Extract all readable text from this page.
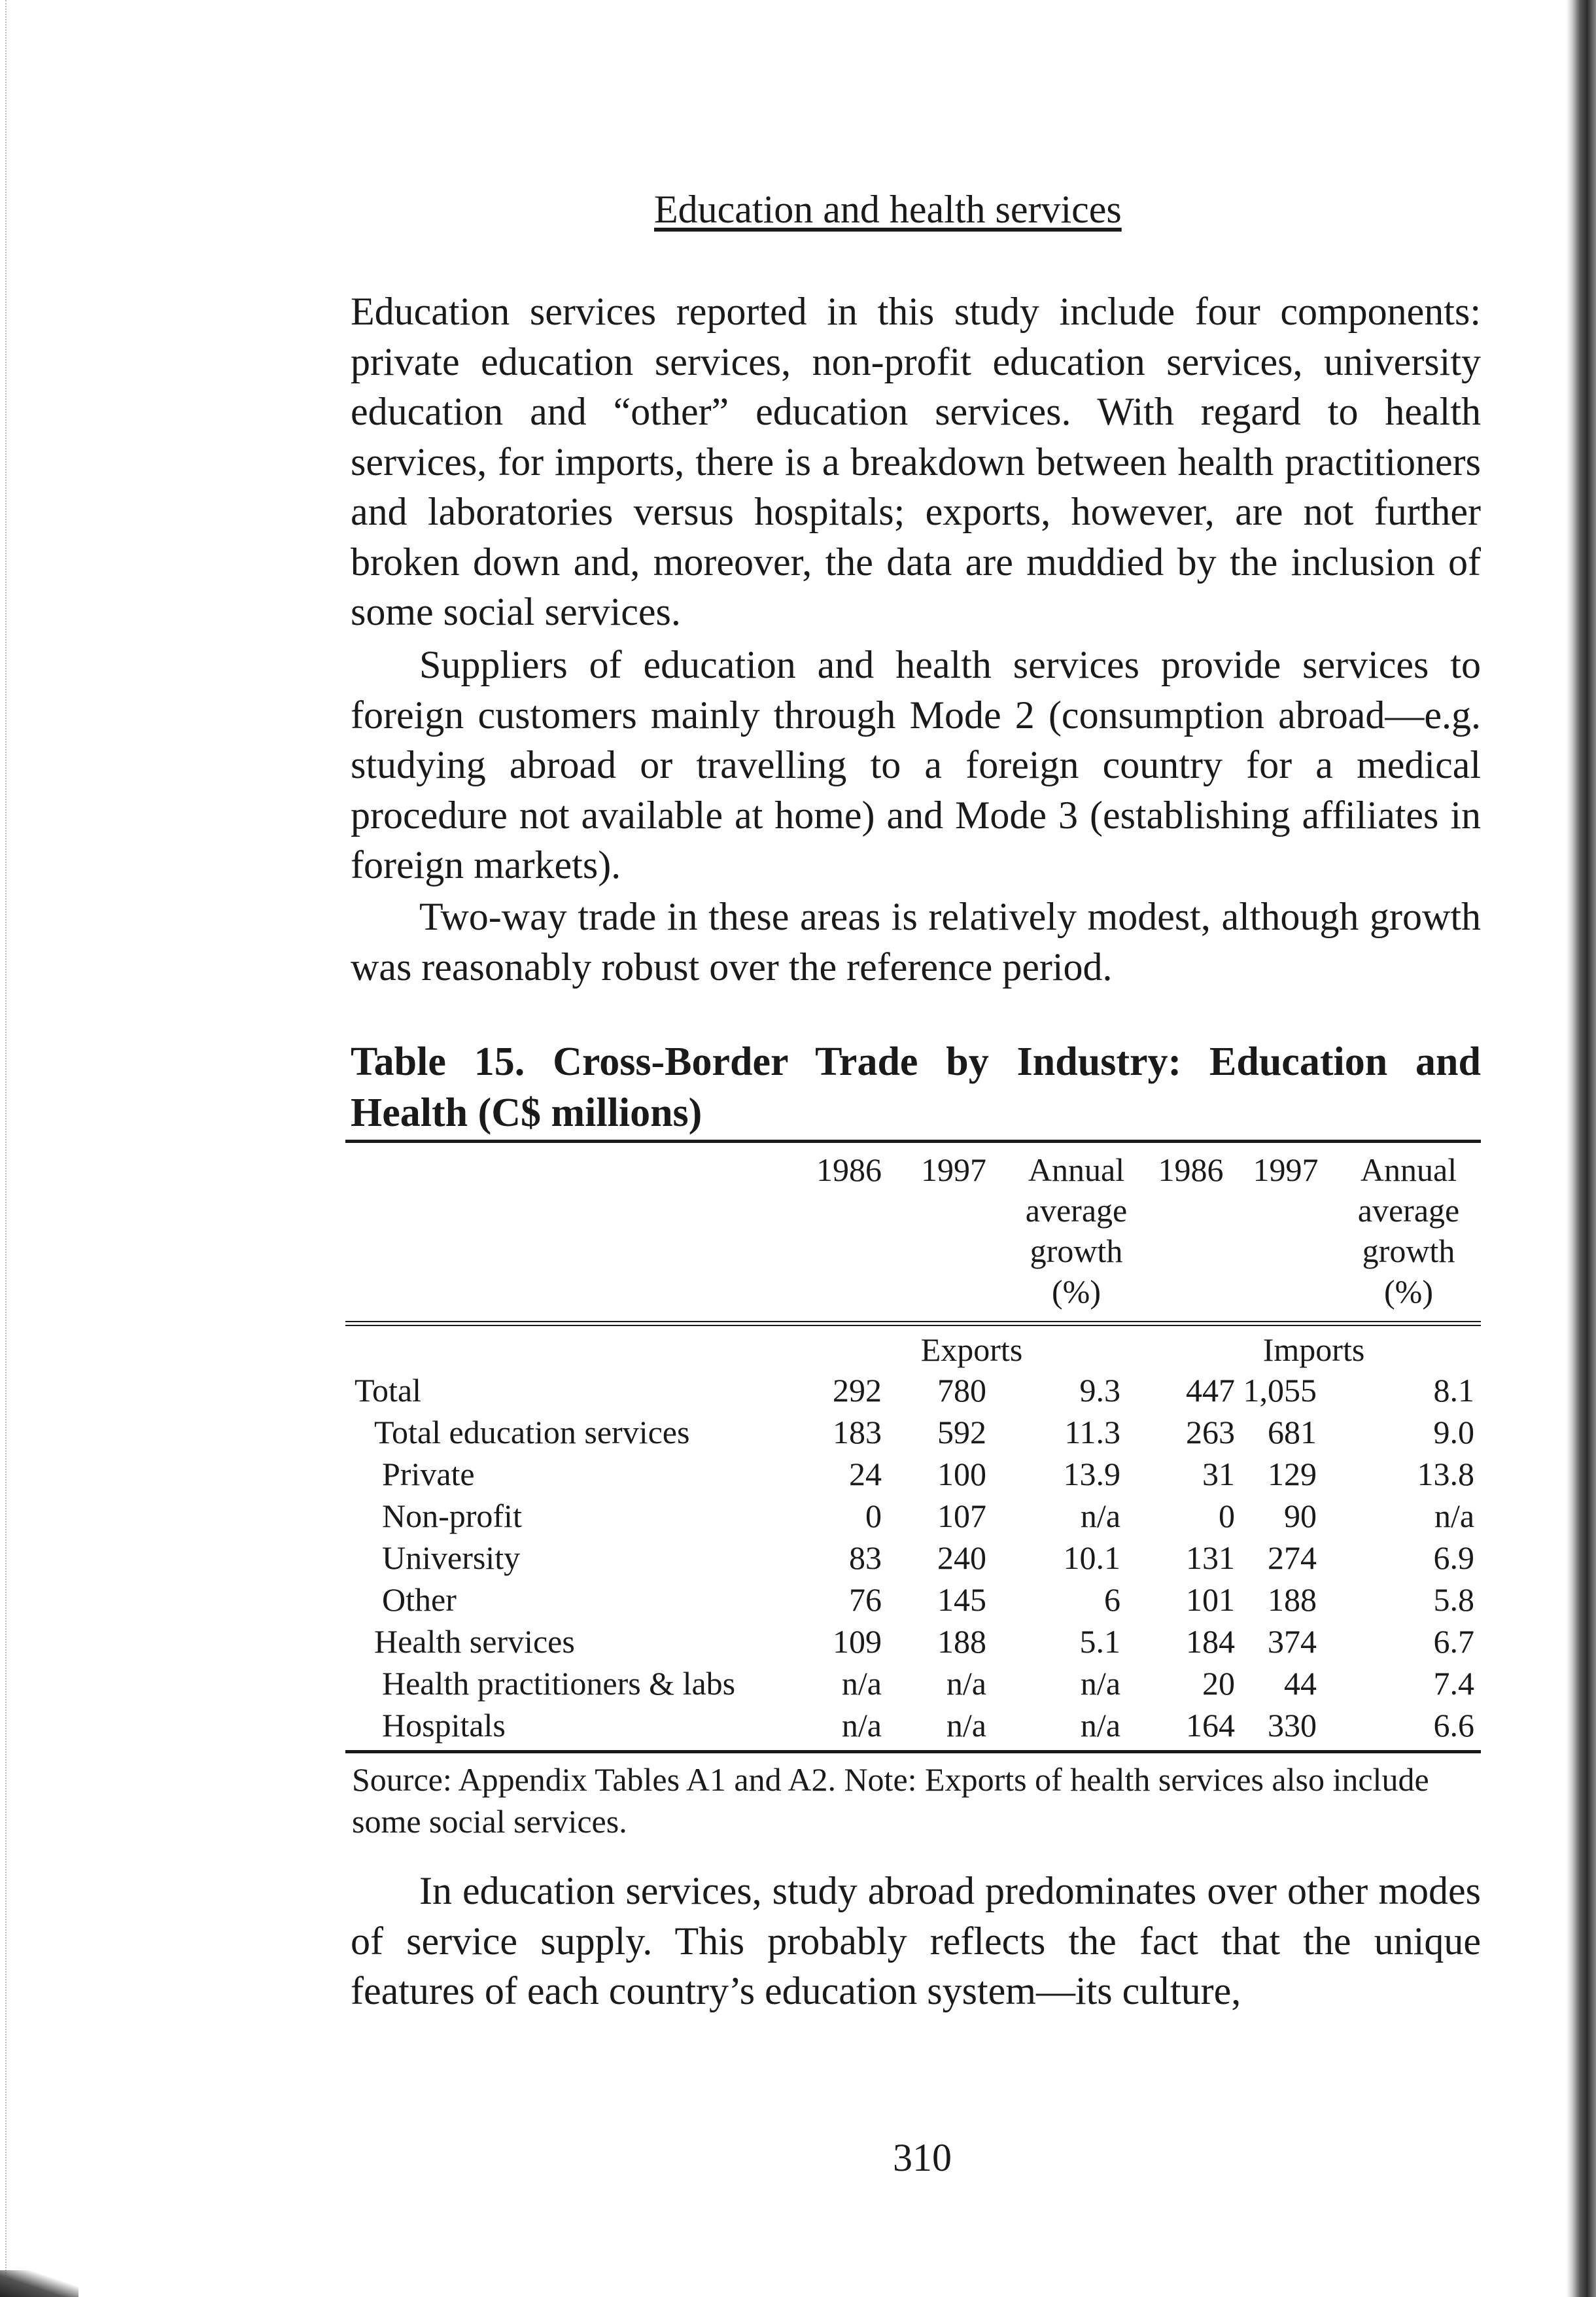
Education and health services

Education services reported in this study include four components: private education services, non-profit education services, university education and “other” education services. With regard to health services, for imports, there is a breakdown between health practitioners and laboratories versus hospitals; exports, however, are not further broken down and, moreover, the data are muddied by the inclusion of some social services.

Suppliers of education and health services provide services to foreign customers mainly through Mode 2 (consumption abroad—e.g. studying abroad or travelling to a foreign country for a medical procedure not available at home) and Mode 3 (establishing affiliates in foreign markets).

Two-way trade in these areas is relatively modest, although growth was reasonably robust over the reference period.

Table 15. Cross-Border Trade by Industry: Education and Health (C$ millions)

	1986	1997	Annual average growth (%)	1986	1997	Annual average growth (%)
	Exports			Imports		
Total	292	780	9.3	447	1,055	8.1
Total education services	183	592	11.3	263	681	9.0
Private	24	100	13.9	31	129	13.8
Non-profit	0	107	n/a	0	90	n/a
University	83	240	10.1	131	274	6.9
Other	76	145	6	101	188	5.8
Health services	109	188	5.1	184	374	6.7
Health practitioners & labs	n/a	n/a	n/a	20	44	7.4
Hospitals	n/a	n/a	n/a	164	330	6.6

Source: Appendix Tables A1 and A2. Note: Exports of health services also include some social services.

In education services, study abroad predominates over other modes of service supply. This probably reflects the fact that the unique features of each country’s education system—its culture,

310
